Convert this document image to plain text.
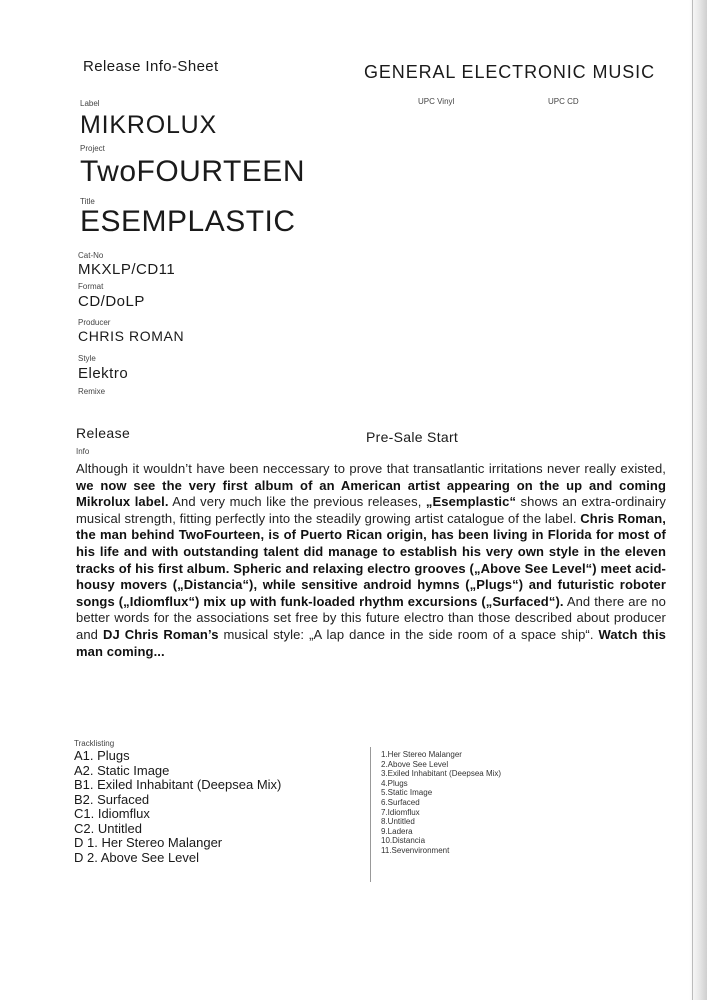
Release Info-Sheet	GENERAL ELECTRONIC MUSIC
UPC Vinyl	UPC CD
Label
MIKROLUX
Project
TwoFOURTEEN
Title
ESEMPLASTIC
Cat-No
MKXLP/CD11
Format
CD/DoLP
Producer
CHRIS ROMAN
Style
Elektro
Remixe
Release	Pre-Sale Start
Info
Although it wouldn’t have been neccessary to prove that transatlantic irritations never really existed, we now see the very first album of an American artist appearing on the up and coming Mikrolux label. And very much like the previous releases, „Esemplastic“ shows an extra-ordinairy musical strength, fitting perfectly into the steadily growing artist catalogue of the label. Chris Roman, the man behind TwoFourteen, is of Puerto Rican origin, has been living in Florida for most of his life and with outstanding talent did manage to establish his very own style in the eleven tracks of his first album. Spheric and relaxing electro grooves („Above See Level“) meet acid-housy movers („Distancia“), while sensitive android hymns („Plugs“) and futuristic roboter songs („Idiomflux“) mix up with funk-loaded rhythm excursions („Surfaced“). And there are no better words for the associations set free by this future electro than those described about producer and DJ Chris Roman’s musical style: „A lap dance in the side room of a space ship“. Watch this man coming...
Tracklisting
A1. Plugs
A2. Static Image
B1. Exiled Inhabitant (Deepsea Mix)
B2. Surfaced
C1. Idiomflux
C2. Untitled
D 1. Her Stereo Malanger
D 2. Above See Level
1.Her Stereo Malanger
2.Above See Level
3.Exiled Inhabitant (Deepsea Mix)
4.Plugs
5.Static Image
6.Surfaced
7.Idiomflux
8.Untitled
9.Ladera
10.Distancia
11.Sevenvironment
